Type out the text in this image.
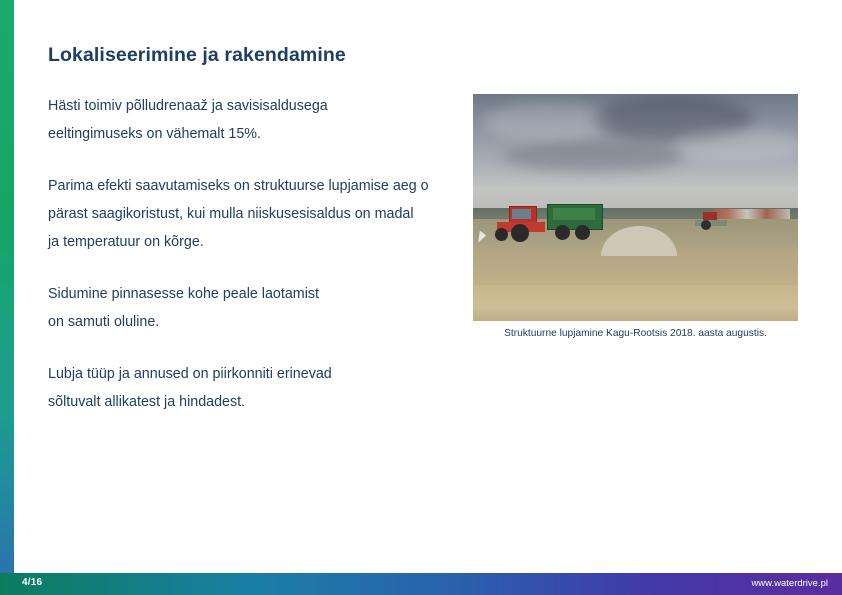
Lokaliseerimine ja rakendamine

Hästi toimiv põlludrenaaž ja savisisaldusega
eeltingimuseks on vähemalt 15%.

Parima efekti saavutamiseks on struktuurse lupjamise aeg o
pärast saagikoristust, kui mulla niiskusesisaldus on madal
ja temperatuur on kõrge.

Sidumine pinnasesse kohe peale laotamist
on samuti oluline.

Lubja tüüp ja annused on piirkonniti erinevad
sõltuvalt allikatest ja hindadest.

Struktuurne lupjamine Kagu-Rootsis 2018. aasta augustis.
4/16	www.waterdrive.pl
